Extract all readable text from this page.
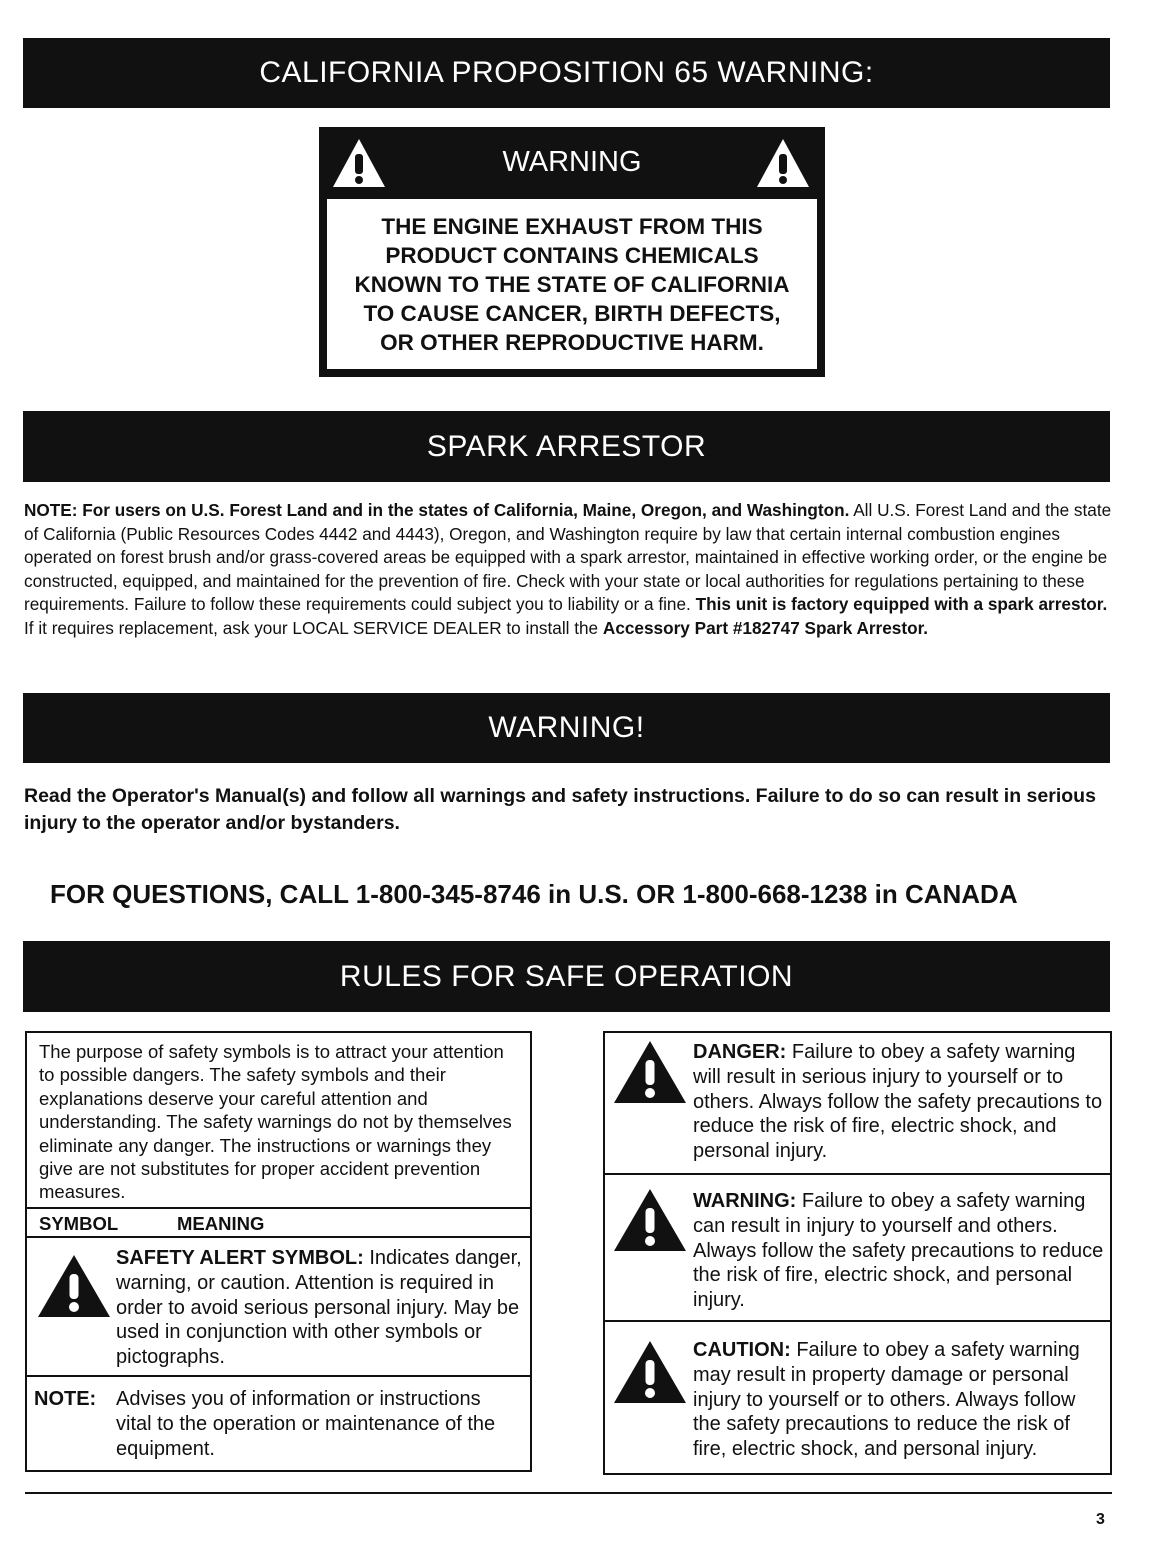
CALIFORNIA PROPOSITION 65 WARNING:
WARNING
THE ENGINE EXHAUST FROM THIS
PRODUCT CONTAINS CHEMICALS
KNOWN TO THE STATE OF CALIFORNIA
TO CAUSE CANCER, BIRTH DEFECTS,
OR OTHER REPRODUCTIVE HARM.
SPARK ARRESTOR
NOTE: For users on U.S. Forest Land and in the states of California, Maine, Oregon, and Washington. All U.S. Forest Land and the state of California (Public Resources Codes 4442 and 4443), Oregon, and Washington require by law that certain internal combustion engines operated on forest brush and/or grass-covered areas be equipped with a spark arrestor, maintained in effective working order, or the engine be constructed, equipped, and maintained for the prevention of fire. Check with your state or local authorities for regulations pertaining to these requirements. Failure to follow these requirements could subject you to liability or a fine. This unit is factory equipped with a spark arrestor. If it requires replacement, ask your LOCAL SERVICE DEALER to install the Accessory Part #182747 Spark Arrestor.
WARNING!
Read the Operator's Manual(s) and follow all warnings and safety instructions. Failure to do so can result in serious injury to the operator and/or bystanders.
FOR QUESTIONS, CALL 1-800-345-8746 in U.S. OR 1-800-668-1238 in CANADA
RULES FOR SAFE OPERATION
The purpose of safety symbols is to attract your attention to possible dangers. The safety symbols and their explanations deserve your careful attention and understanding. The safety warnings do not by themselves eliminate any danger. The instructions or warnings they give are not substitutes for proper accident prevention measures.
SYMBOL	MEANING
SAFETY ALERT SYMBOL: Indicates danger, warning, or caution. Attention is required in order to avoid serious personal injury. May be used in conjunction with other symbols or pictographs.
NOTE: Advises you of information or instructions vital to the operation or maintenance of the equipment.
DANGER: Failure to obey a safety warning will result in serious injury to yourself or to others. Always follow the safety precautions to reduce the risk of fire, electric shock, and personal injury.
WARNING: Failure to obey a safety warning can result in injury to yourself and others. Always follow the safety precautions to reduce the risk of fire, electric shock, and personal injury.
CAUTION: Failure to obey a safety warning may result in property damage or personal injury to yourself or to others. Always follow the safety precautions to reduce the risk of fire, electric shock, and personal injury.
3
